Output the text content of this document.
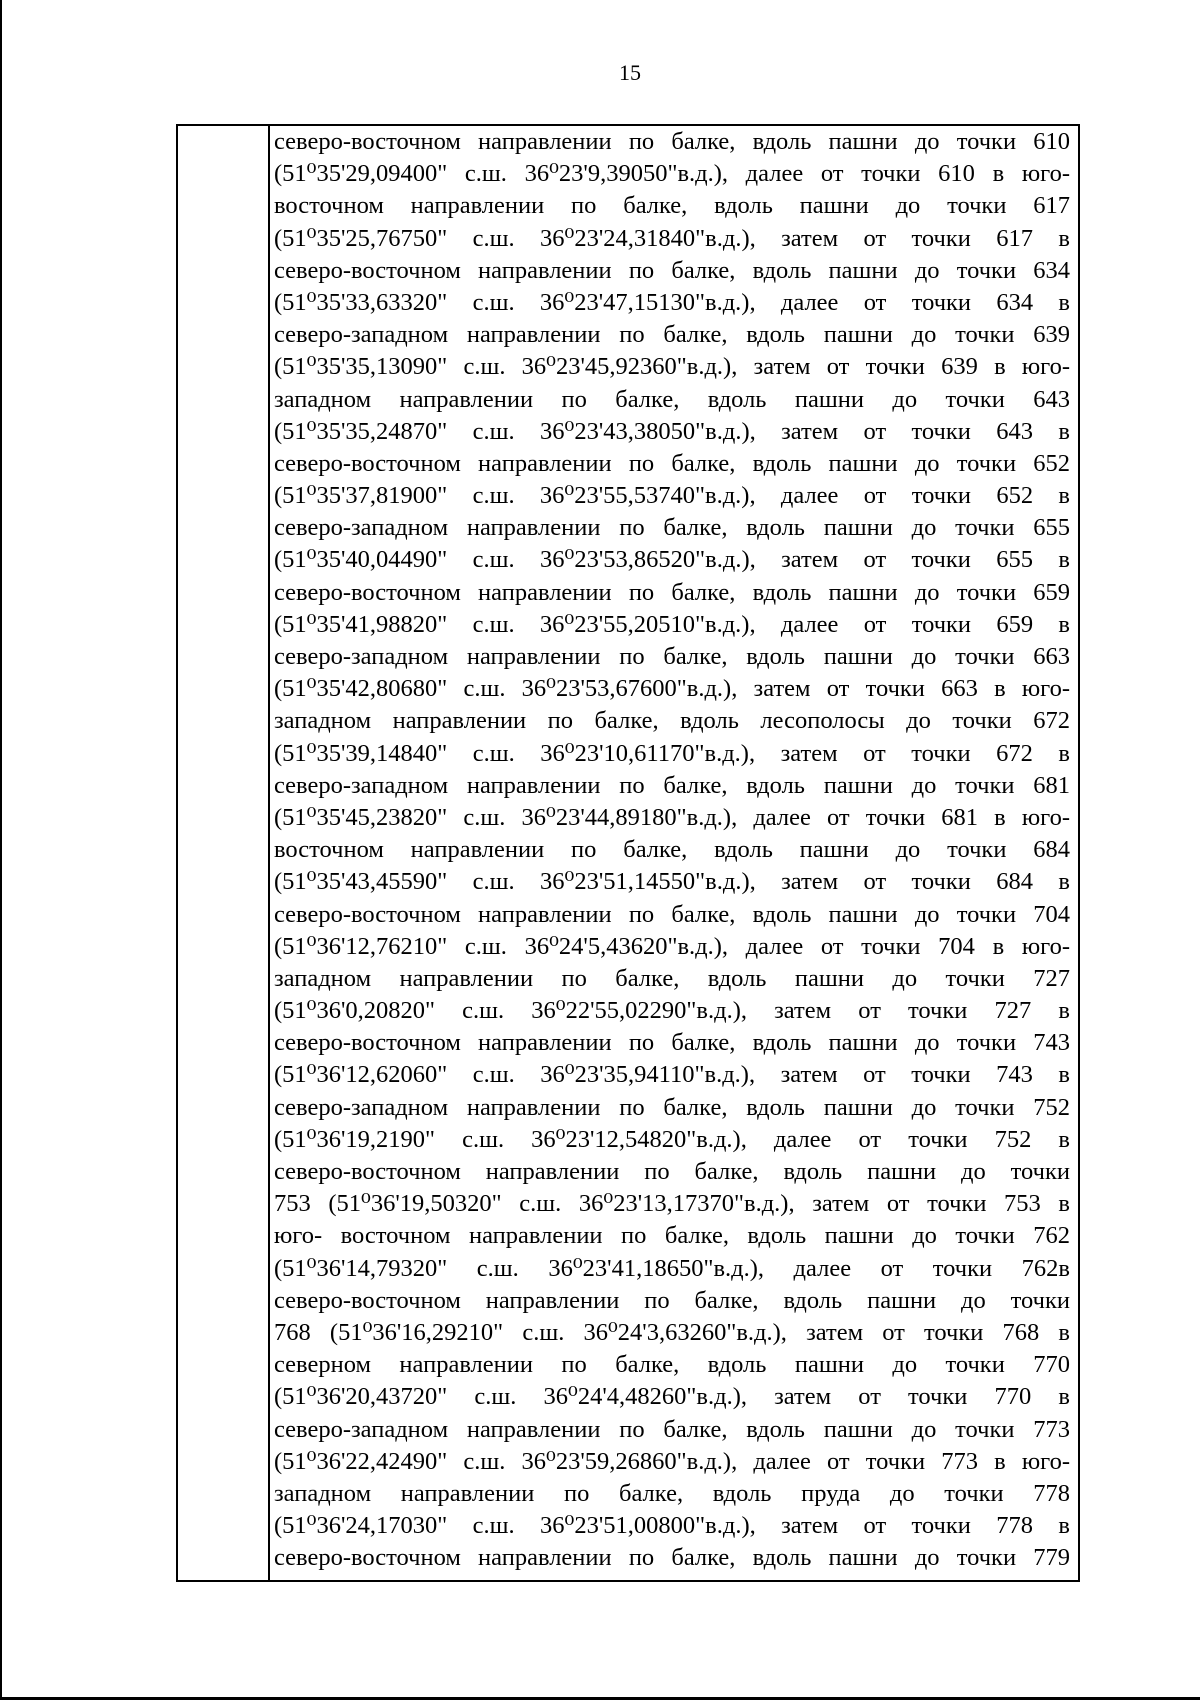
15
северо-восточном направлении по балке, вдоль пашни до точки 610
(51⁰35'29,09400" с.ш. 36⁰23'9,39050"в.д.), далее от точки 610 в юго-
восточном направлении по балке, вдоль пашни до точки 617
(51⁰35'25,76750" с.ш. 36⁰23'24,31840"в.д.), затем от точки 617 в
северо-восточном направлении по балке, вдоль пашни до точки 634
(51⁰35'33,63320" с.ш. 36⁰23'47,15130"в.д.), далее от точки 634 в
северо-западном направлении по балке, вдоль пашни до точки 639
(51⁰35'35,13090" с.ш. 36⁰23'45,92360"в.д.), затем от точки 639 в юго-
западном направлении по балке, вдоль пашни до точки 643
(51⁰35'35,24870" с.ш. 36⁰23'43,38050"в.д.), затем от точки 643 в
северо-восточном направлении по балке, вдоль пашни до точки 652
(51⁰35'37,81900" с.ш. 36⁰23'55,53740"в.д.), далее от точки 652 в
северо-западном направлении по балке, вдоль пашни до точки 655
(51⁰35'40,04490" с.ш. 36⁰23'53,86520"в.д.), затем от точки 655 в
северо-восточном направлении по балке, вдоль пашни до точки 659
(51⁰35'41,98820" с.ш. 36⁰23'55,20510"в.д.), далее от точки 659 в
северо-западном направлении по балке, вдоль пашни до точки 663
(51⁰35'42,80680" с.ш. 36⁰23'53,67600"в.д.), затем от точки 663 в юго-
западном направлении по балке, вдоль лесополосы до точки 672
(51⁰35'39,14840" с.ш. 36⁰23'10,61170"в.д.), затем от точки 672 в
северо-западном направлении по балке, вдоль пашни до точки 681
(51⁰35'45,23820" с.ш. 36⁰23'44,89180"в.д.), далее от точки 681 в юго-
восточном направлении по балке, вдоль пашни до точки 684
(51⁰35'43,45590" с.ш. 36⁰23'51,14550"в.д.), затем от точки 684 в
северо-восточном направлении по балке, вдоль пашни до точки 704
(51⁰36'12,76210" с.ш. 36⁰24'5,43620"в.д.), далее от точки 704 в юго-
западном направлении по балке, вдоль пашни до точки 727
(51⁰36'0,20820" с.ш. 36⁰22'55,02290"в.д.), затем от точки 727 в
северо-восточном направлении по балке, вдоль пашни до точки 743
(51⁰36'12,62060" с.ш. 36⁰23'35,94110"в.д.), затем от точки 743 в
северо-западном направлении по балке, вдоль пашни до точки 752
(51⁰36'19,2190" с.ш. 36⁰23'12,54820"в.д.), далее от точки 752 в
северо-восточном направлении по балке, вдоль пашни до точки
753 (51⁰36'19,50320" с.ш. 36⁰23'13,17370"в.д.), затем от точки 753 в
юго- восточном направлении по балке, вдоль пашни до точки 762
(51⁰36'14,79320" с.ш. 36⁰23'41,18650"в.д.), далее от точки 762в
северо-восточном направлении по балке, вдоль пашни до точки
768 (51⁰36'16,29210" с.ш. 36⁰24'3,63260"в.д.), затем от точки 768 в
северном направлении по балке, вдоль пашни до точки 770
(51⁰36'20,43720" с.ш. 36⁰24'4,48260"в.д.), затем от точки 770 в
северо-западном направлении по балке, вдоль пашни до точки 773
(51⁰36'22,42490" с.ш. 36⁰23'59,26860"в.д.), далее от точки 773 в юго-
западном направлении по балке, вдоль пруда до точки 778
(51⁰36'24,17030" с.ш. 36⁰23'51,00800"в.д.), затем от точки 778 в
северо-восточном направлении по балке, вдоль пашни до точки 779
